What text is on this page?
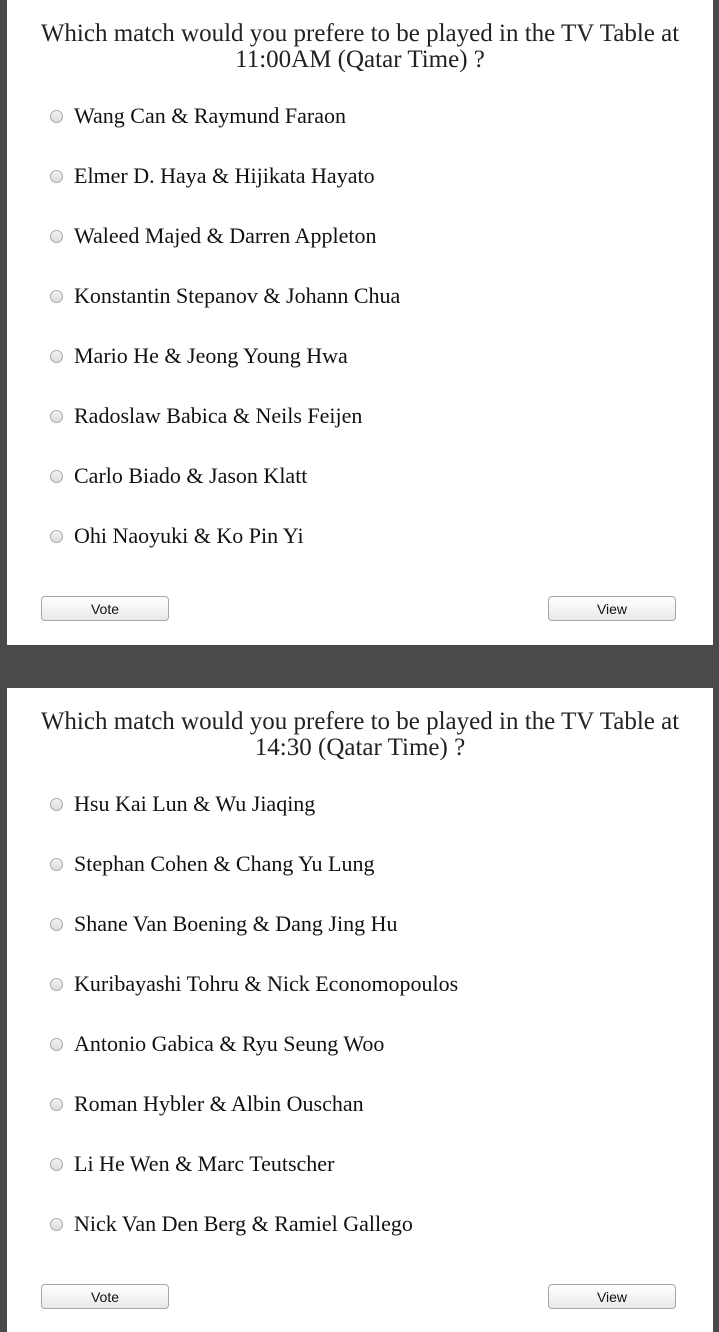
Which match would you prefere to be played in the TV Table at 11:00AM (Qatar Time) ?
Wang Can & Raymund Faraon
Elmer D. Haya & Hijikata Hayato
Waleed Majed & Darren Appleton
Konstantin Stepanov & Johann Chua
Mario He & Jeong Young Hwa
Radoslaw Babica & Neils Feijen
Carlo Biado & Jason Klatt
Ohi Naoyuki & Ko Pin Yi
Vote	View
Which match would you prefere to be played in the TV Table at 14:30 (Qatar Time) ?
Hsu Kai Lun & Wu Jiaqing
Stephan Cohen & Chang Yu Lung
Shane Van Boening & Dang Jing Hu
Kuribayashi Tohru & Nick Economopoulos
Antonio Gabica & Ryu Seung Woo
Roman Hybler & Albin Ouschan
Li He Wen & Marc Teutscher
Nick Van Den Berg & Ramiel Gallego
Vote	View
